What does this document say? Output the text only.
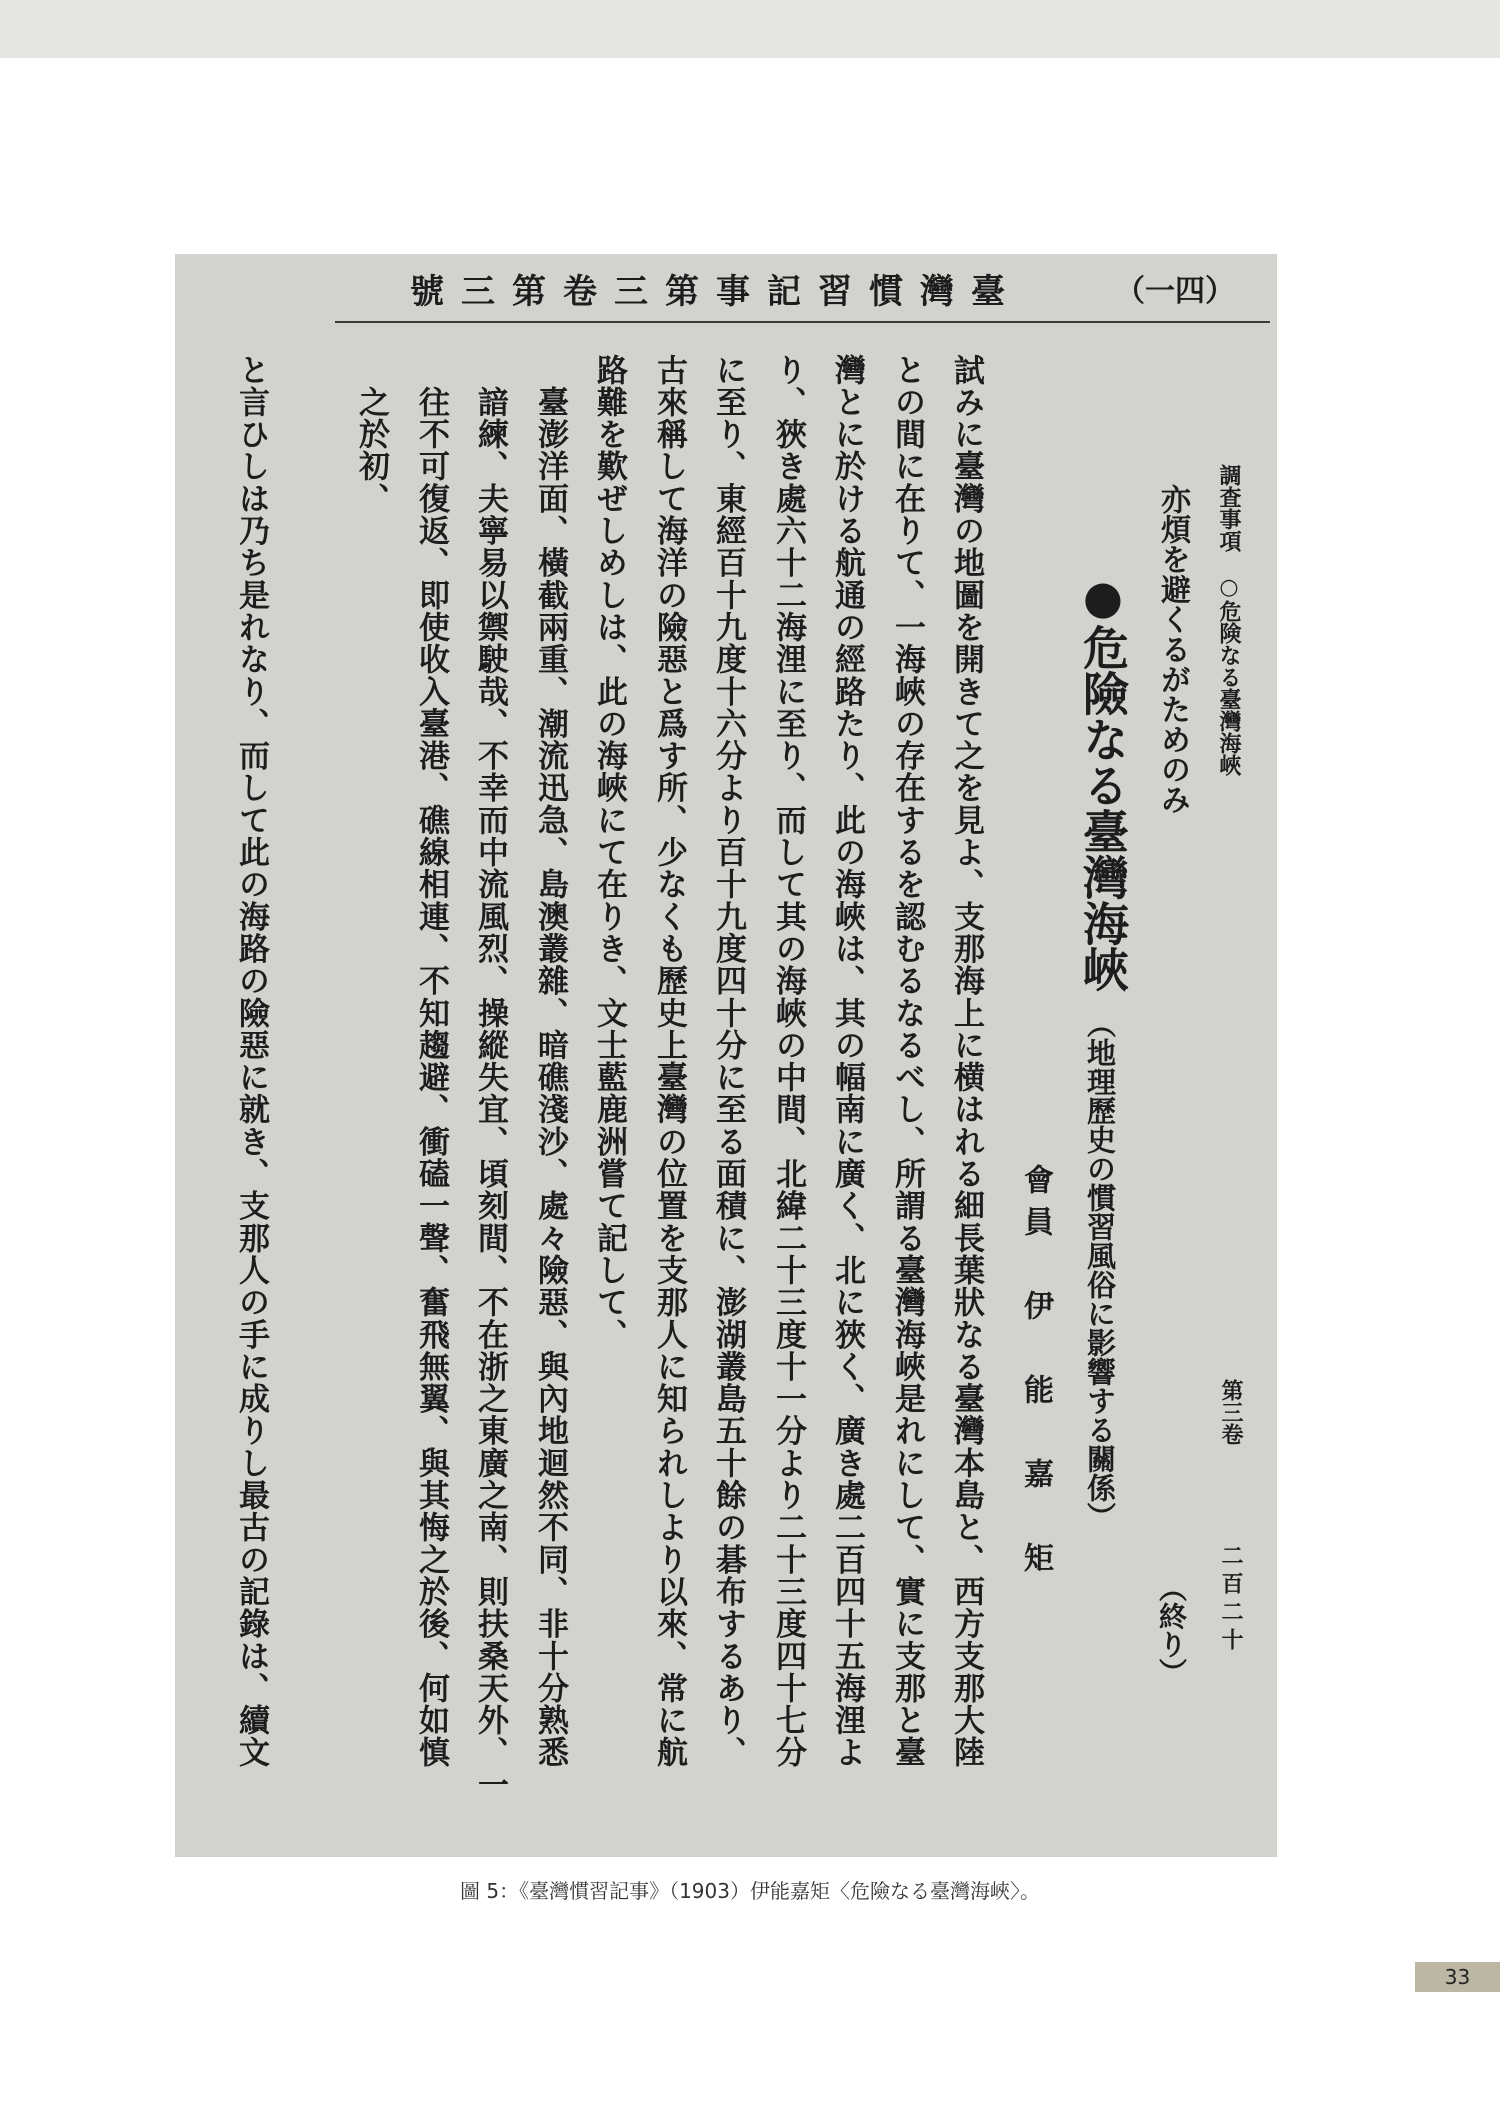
號三第卷三第事記習慣灣臺	（一四）
調査事項　○危険なる臺灣海峽
第三卷
二百二十
亦煩を避くるがためのみ
（終り）
●危險なる臺灣海峽
（地理歷史の慣習風俗に影響する關係）
會員　伊　能　嘉　矩
試みに臺灣の地圖を開きて之を見よ、支那海上に横はれる細長葉狀なる臺灣本島と、西方支那大陸
との間に在りて、一海峽の存在するを認むるなるべし、所謂る臺灣海峽是れにして、實に支那と臺
灣とに於ける航通の經路たり、此の海峽は、其の幅南に廣く、北に狹く、廣き處二百四十五海浬よ
り、狹き處六十二海浬に至り、而して其の海峽の中間、北緯二十三度十一分より二十三度四十七分
に至り、東經百十九度十六分より百十九度四十分に至る面積に、澎湖叢島五十餘の碁布するあり、
古來稱して海洋の險惡と爲す所、少なくも歷史上臺灣の位置を支那人に知られしより以來、常に航
路難を歎ぜしめしは、此の海峽にて在りき、文士藍鹿洲嘗て記して、
　臺澎洋面、橫截兩重、潮流迅急、島澳叢雜、暗礁淺沙、處々險惡、與內地迴然不同、非十分熟悉
　諳練、夫寧易以禦駛哉、不幸而中流風烈、操縱失宜、頃刻間、不在浙之東廣之南、則扶桑天外、一
　往不可復返、即使收入臺港、礁線相連、不知趨避、衝磕一聲、奮飛無翼、與其悔之於後、何如慎
　之於初、
と言ひしは乃ち是れなり、而して此の海路の險惡に就き、支那人の手に成りし最古の記錄は、續文
圖 5：《臺灣慣習記事》（1903）伊能嘉矩〈危險なる臺灣海峽〉。
33
